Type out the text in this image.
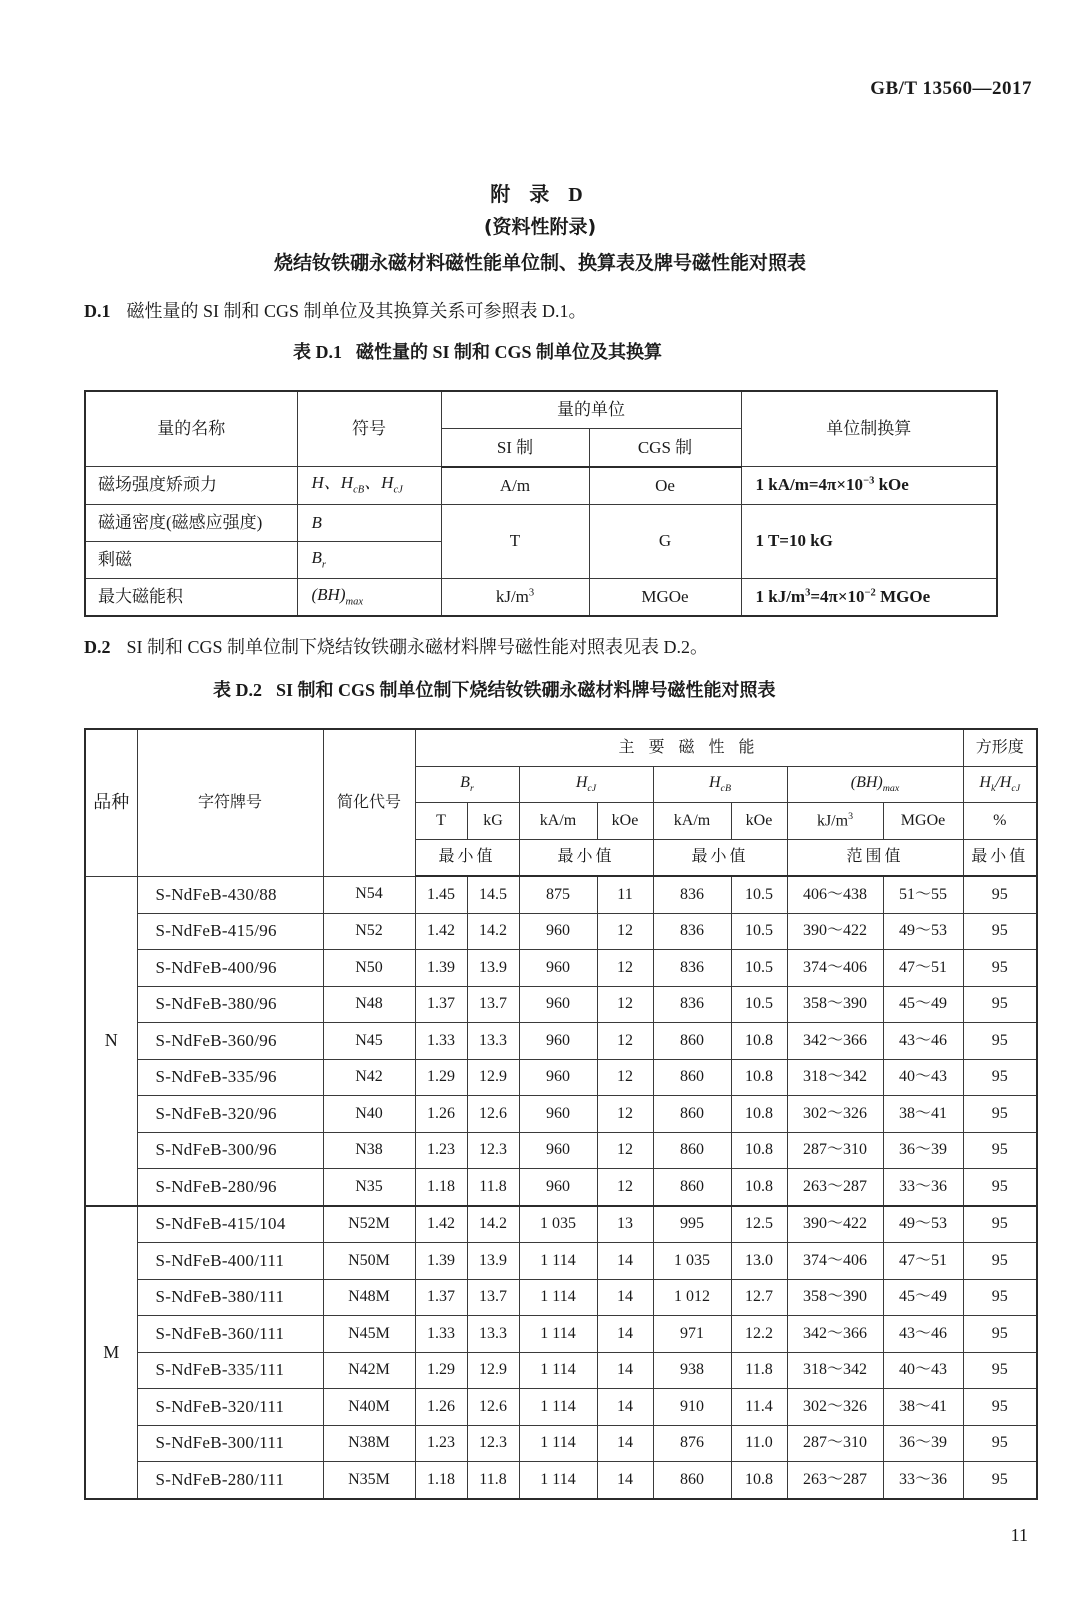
GB/T 13560—2017
附 录 D
(资料性附录)
烧结钕铁硼永磁材料磁性能单位制、换算表及牌号磁性能对照表
D.1 磁性量的 SI 制和 CGS 制单位及其换算关系可参照表 D.1。
表 D.1 磁性量的 SI 制和 CGS 制单位及其换算
量的名称	符号	量的单位		单位制换算
		SI 制	CGS 制	
磁场强度矫顽力	H、$H_{cB}$、$H_{cJ}$	A/m	Oe	1 $kA/m=4\pi\times 10^{-3}$ kOe
磁通密度(磁感应强度)	B	T	G	1 T=10 kG
剩磁	$B_r$
最大磁能积	$(BH)_{max}$	$kJ/m^3$	MGOe	1 $kJ/m^3=4\pi\times 10^{-2}$ MGOe
D.2 SI 制和 CGS 制单位制下烧结钕铁硼永磁材料牌号磁性能对照表见表 D.2。
表 D.2 SI 制和 CGS 制单位制下烧结钕铁硼永磁材料牌号磁性能对照表
品种	字符牌号	简化代号	主 要 磁 性 能								方形度
			$B_r$		$H_{cJ}$		$H_{cB}$		$(BH)_{max}$		$H_k/H_{cJ}$
			T	kG	kA/m	kOe	kA/m	kOe	$kJ/m^3$	MGOe	%
			最小值		最小值		最小值		范围值		最小值
N	S-NdFeB-430/88	N54	1.45	14.5	875	11	836	10.5	406～438	51～55	95
	S-NdFeB-415/96	N52	1.42	14.2	960	12	836	10.5	390～422	49～53	95
	S-NdFeB-400/96	N50	1.39	13.9	960	12	836	10.5	374～406	47～51	95
	S-NdFeB-380/96	N48	1.37	13.7	960	12	836	10.5	358～390	45～49	95
	S-NdFeB-360/96	N45	1.33	13.3	960	12	860	10.8	342～366	43～46	95
	S-NdFeB-335/96	N42	1.29	12.9	960	12	860	10.8	318～342	40～43	95
	S-NdFeB-320/96	N40	1.26	12.6	960	12	860	10.8	302～326	38～41	95
	S-NdFeB-300/96	N38	1.23	12.3	960	12	860	10.8	287～310	36～39	95
	S-NdFeB-280/96	N35	1.18	11.8	960	12	860	10.8	263～287	33～36	95
M	S-NdFeB-415/104	N52M	1.42	14.2	1 035	13	995	12.5	390～422	49～53	95
	S-NdFeB-400/111	N50M	1.39	13.9	1 114	14	1 035	13.0	374～406	47～51	95
	S-NdFeB-380/111	N48M	1.37	13.7	1 114	14	1 012	12.7	358～390	45～49	95
	S-NdFeB-360/111	N45M	1.33	13.3	1 114	14	971	12.2	342～366	43～46	95
	S-NdFeB-335/111	N42M	1.29	12.9	1 114	14	938	11.8	318～342	40～43	95
	S-NdFeB-320/111	N40M	1.26	12.6	1 114	14	910	11.4	302～326	38～41	95
	S-NdFeB-300/111	N38M	1.23	12.3	1 114	14	876	11.0	287～310	36～39	95
	S-NdFeB-280/111	N35M	1.18	11.8	1 114	14	860	10.8	263～287	33～36	95
11
